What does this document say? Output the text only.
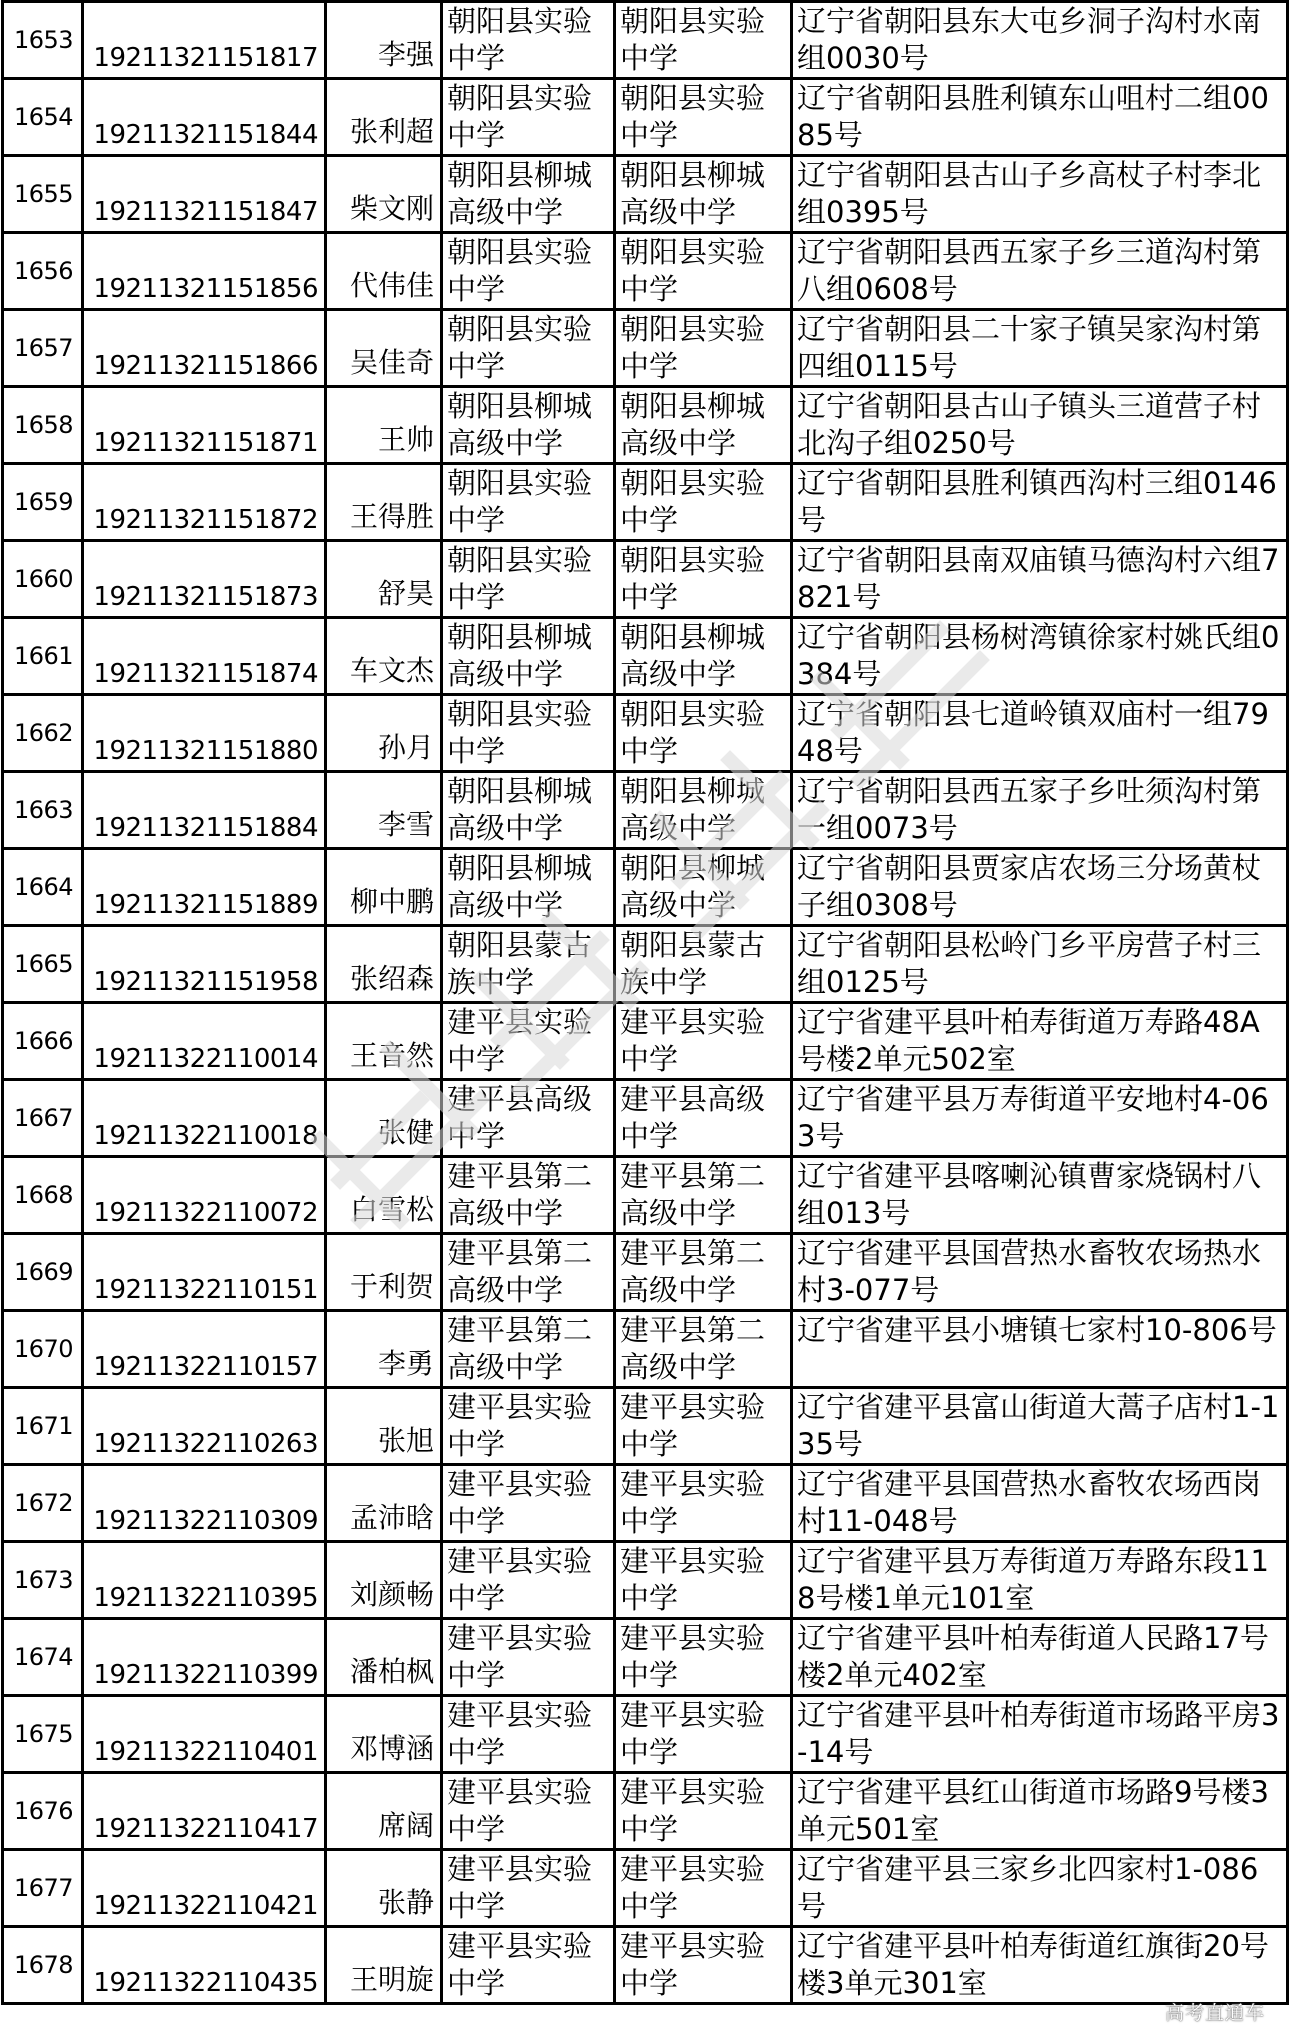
1653	19211321151817	李强	朝阳县实验中学	朝阳县实验中学	辽宁省朝阳县东大屯乡洞子沟村水南组0030号
1654	19211321151844	张利超	朝阳县实验中学	朝阳县实验中学	辽宁省朝阳县胜利镇东山咀村二组0085号
1655	19211321151847	柴文刚	朝阳县柳城高级中学	朝阳县柳城高级中学	辽宁省朝阳县古山子乡高杖子村李北组0395号
1656	19211321151856	代伟佳	朝阳县实验中学	朝阳县实验中学	辽宁省朝阳县西五家子乡三道沟村第八组0608号
1657	19211321151866	吴佳奇	朝阳县实验中学	朝阳县实验中学	辽宁省朝阳县二十家子镇吴家沟村第四组0115号
1658	19211321151871	王帅	朝阳县柳城高级中学	朝阳县柳城高级中学	辽宁省朝阳县古山子镇头三道营子村北沟子组0250号
1659	19211321151872	王得胜	朝阳县实验中学	朝阳县实验中学	辽宁省朝阳县胜利镇西沟村三组0146号
1660	19211321151873	舒昊	朝阳县实验中学	朝阳县实验中学	辽宁省朝阳县南双庙镇马德沟村六组7821号
1661	19211321151874	车文杰	朝阳县柳城高级中学	朝阳县柳城高级中学	辽宁省朝阳县杨树湾镇徐家村姚氏组0384号
1662	19211321151880	孙月	朝阳县实验中学	朝阳县实验中学	辽宁省朝阳县七道岭镇双庙村一组7948号
1663	19211321151884	李雪	朝阳县柳城高级中学	朝阳县柳城高级中学	辽宁省朝阳县西五家子乡吐须沟村第一组0073号
1664	19211321151889	柳中鹏	朝阳县柳城高级中学	朝阳县柳城高级中学	辽宁省朝阳县贾家店农场三分场黄杖子组0308号
1665	19211321151958	张绍森	朝阳县蒙古族中学	朝阳县蒙古族中学	辽宁省朝阳县松岭门乡平房营子村三组0125号
1666	19211322110014	王音然	建平县实验中学	建平县实验中学	辽宁省建平县叶柏寿街道万寿路48A号楼2单元502室
1667	19211322110018	张健	建平县高级中学	建平县高级中学	辽宁省建平县万寿街道平安地村4-063号
1668	19211322110072	白雪松	建平县第二高级中学	建平县第二高级中学	辽宁省建平县喀喇沁镇曹家烧锅村八组013号
1669	19211322110151	于利贺	建平县第二高级中学	建平县第二高级中学	辽宁省建平县国营热水畜牧农场热水村3-077号
1670	19211322110157	李勇	建平县第二高级中学	建平县第二高级中学	辽宁省建平县小塘镇七家村10-806号
1671	19211322110263	张旭	建平县实验中学	建平县实验中学	辽宁省建平县富山街道大蒿子店村1-135号
1672	19211322110309	孟沛晗	建平县实验中学	建平县实验中学	辽宁省建平县国营热水畜牧农场西岗村11-048号
1673	19211322110395	刘颜畅	建平县实验中学	建平县实验中学	辽宁省建平县万寿街道万寿路东段118号楼1单元101室
1674	19211322110399	潘柏枫	建平县实验中学	建平县实验中学	辽宁省建平县叶柏寿街道人民路17号楼2单元402室
1675	19211322110401	邓博涵	建平县实验中学	建平县实验中学	辽宁省建平县叶柏寿街道市场路平房3-14号
1676	19211322110417	席阔	建平县实验中学	建平县实验中学	辽宁省建平县红山街道市场路9号楼3单元501室
1677	19211322110421	张静	建平县实验中学	建平县实验中学	辽宁省建平县三家乡北四家村1-086号
1678	19211322110435	王明旋	建平县实验中学	建平县实验中学	辽宁省建平县叶柏寿街道红旗街20号楼3单元301室
高考直通车
